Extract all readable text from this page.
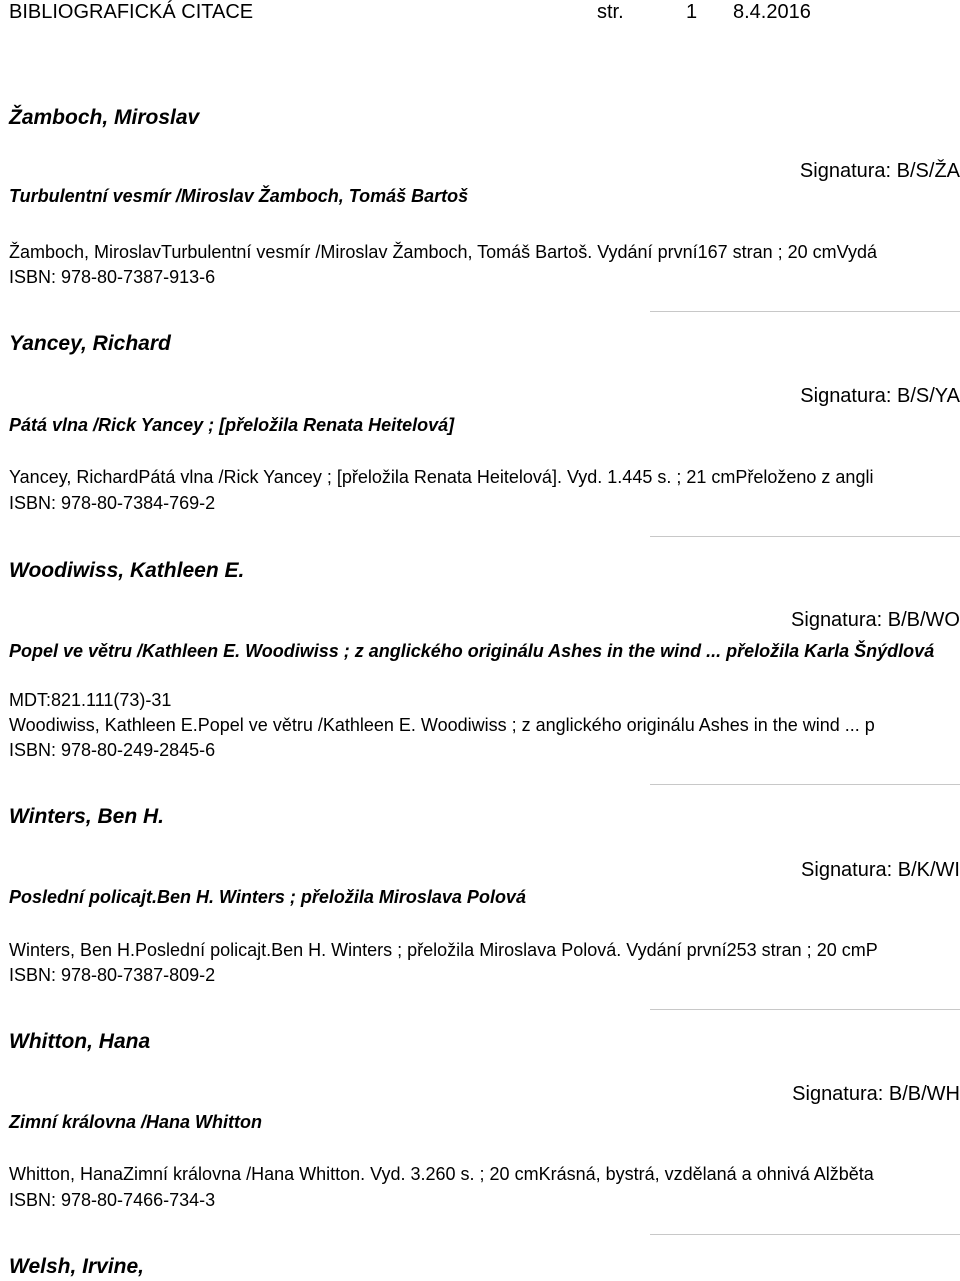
BIBLIOGRAFICKÁ CITACE	str.	1 8.4.2016
Žamboch, Miroslav
Signatura: B/S/ŽA
Turbulentní vesmír /Miroslav Žamboch, Tomáš Bartoš
Žamboch, MiroslavTurbulentní vesmír /Miroslav Žamboch, Tomáš Bartoš. Vydání první167 stran ; 20 cmVydá
ISBN: 978-80-7387-913-6
Yancey, Richard
Signatura: B/S/YA
Pátá vlna /Rick Yancey ; [přeložila Renata Heitelová]
Yancey, RichardPátá vlna /Rick Yancey ; [přeložila Renata Heitelová]. Vyd. 1.445 s. ; 21 cmPřeloženo z angli
ISBN: 978-80-7384-769-2
Woodiwiss, Kathleen E.
Signatura: B/B/WO
Popel ve větru /Kathleen E. Woodiwiss ; z anglického originálu Ashes in the wind ... přeložila Karla Šnýdlová
MDT:821.111(73)-31
Woodiwiss, Kathleen E.Popel ve větru /Kathleen E. Woodiwiss ; z anglického originálu Ashes in the wind ... p
ISBN: 978-80-249-2845-6
Winters, Ben H.
Signatura: B/K/WI
Poslední policajt.Ben H. Winters ; přeložila Miroslava Polová
Winters, Ben H.Poslední policajt.Ben H. Winters ; přeložila Miroslava Polová. Vydání první253 stran ; 20 cmP
ISBN: 978-80-7387-809-2
Whitton, Hana
Signatura: B/B/WH
Zimní královna /Hana Whitton
Whitton, HanaZimní královna /Hana Whitton. Vyd. 3.260 s. ; 20 cmKrásná, bystrá, vzdělaná a ohnivá Alžběta
ISBN: 978-80-7466-734-3
Welsh, Irvine,
